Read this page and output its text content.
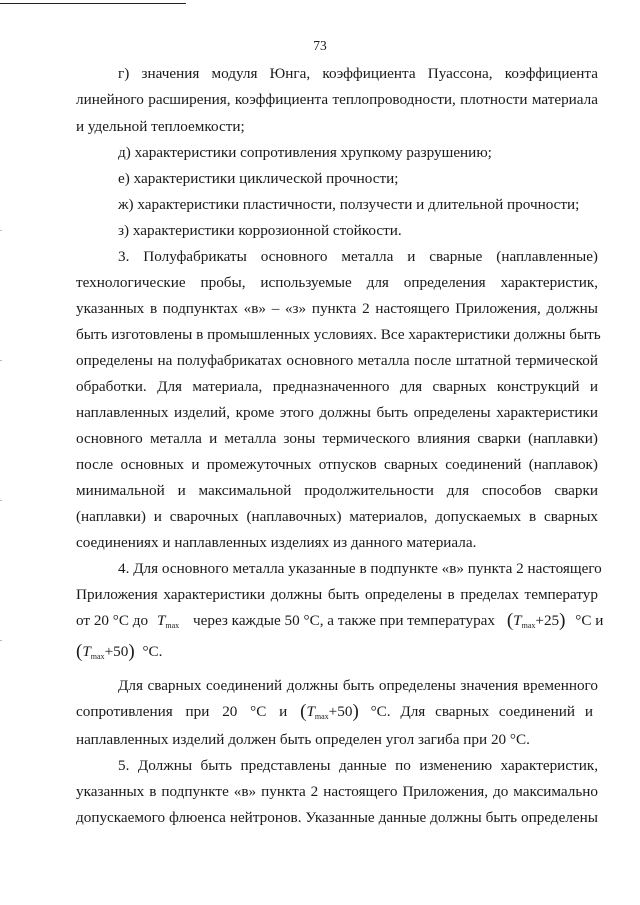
73
г) значения модуля Юнга, коэффициента Пуассона, коэффициента
линейного расширения, коэффициента теплопроводности, плотности материала
и удельной теплоемкости;
д) характеристики сопротивления хрупкому разрушению;
е) характеристики циклической прочности;
ж) характеристики пластичности, ползучести и длительной прочности;
з) характеристики коррозионной стойкости.
3. Полуфабрикаты основного металла и сварные (наплавленные)
технологические пробы, используемые для определения характеристик,
указанных в подпунктах «в» – «з» пункта 2 настоящего Приложения, должны
быть изготовлены в промышленных условиях. Все характеристики должны быть
определены на полуфабрикатах основного металла после штатной термической
обработки. Для материала, предназначенного для сварных конструкций и
наплавленных изделий, кроме этого должны быть определены характеристики
основного металла и металла зоны термического влияния сварки (наплавки)
после основных и промежуточных отпусков сварных соединений (наплавок)
минимальной и максимальной продолжительности для способов сварки
(наплавки) и сварочных (наплавочных) материалов, допускаемых в сварных
соединениях и наплавленных изделиях из данного материала.
4. Для основного металла указанные в подпункте «в» пункта 2 настоящего
Приложения характеристики должны быть определены в пределах температур
от 20 °С до $T_{max}$ через каждые 50 °С, а также при температурах $(T_{max}+25)$ °С и
$(T_{max}+50)$ °С.
Для сварных соединений должны быть определены значения временного
сопротивления при 20 °С и $(T_{max}+50)$ °С. Для сварных соединений и
наплавленных изделий должен быть определен угол загиба при 20 °С.
5. Должны быть представлены данные по изменению характеристик,
указанных в подпункте «в» пункта 2 настоящего Приложения, до максимально
допускаемого флюенса нейтронов. Указанные данные должны быть определены
